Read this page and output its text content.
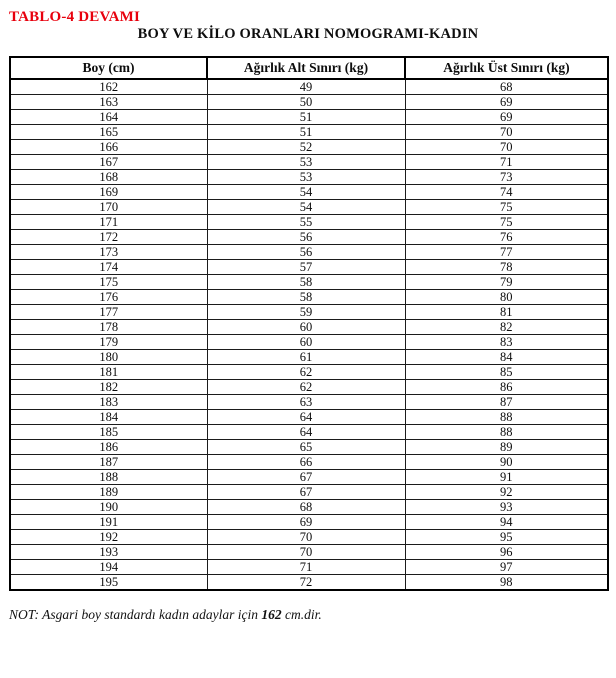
TABLO-4 DEVAMI
BOY VE KİLO ORANLARI NOMOGRAMI-KADIN
Boy (cm)	Ağırlık Alt Sınırı (kg)	Ağırlık Üst Sınırı (kg)
162	49	68
163	50	69
164	51	69
165	51	70
166	52	70
167	53	71
168	53	73
169	54	74
170	54	75
171	55	75
172	56	76
173	56	77
174	57	78
175	58	79
176	58	80
177	59	81
178	60	82
179	60	83
180	61	84
181	62	85
182	62	86
183	63	87
184	64	88
185	64	88
186	65	89
187	66	90
188	67	91
189	67	92
190	68	93
191	69	94
192	70	95
193	70	96
194	71	97
195	72	98
NOT: Asgari boy standardı kadın adaylar için 162 cm.dir.
